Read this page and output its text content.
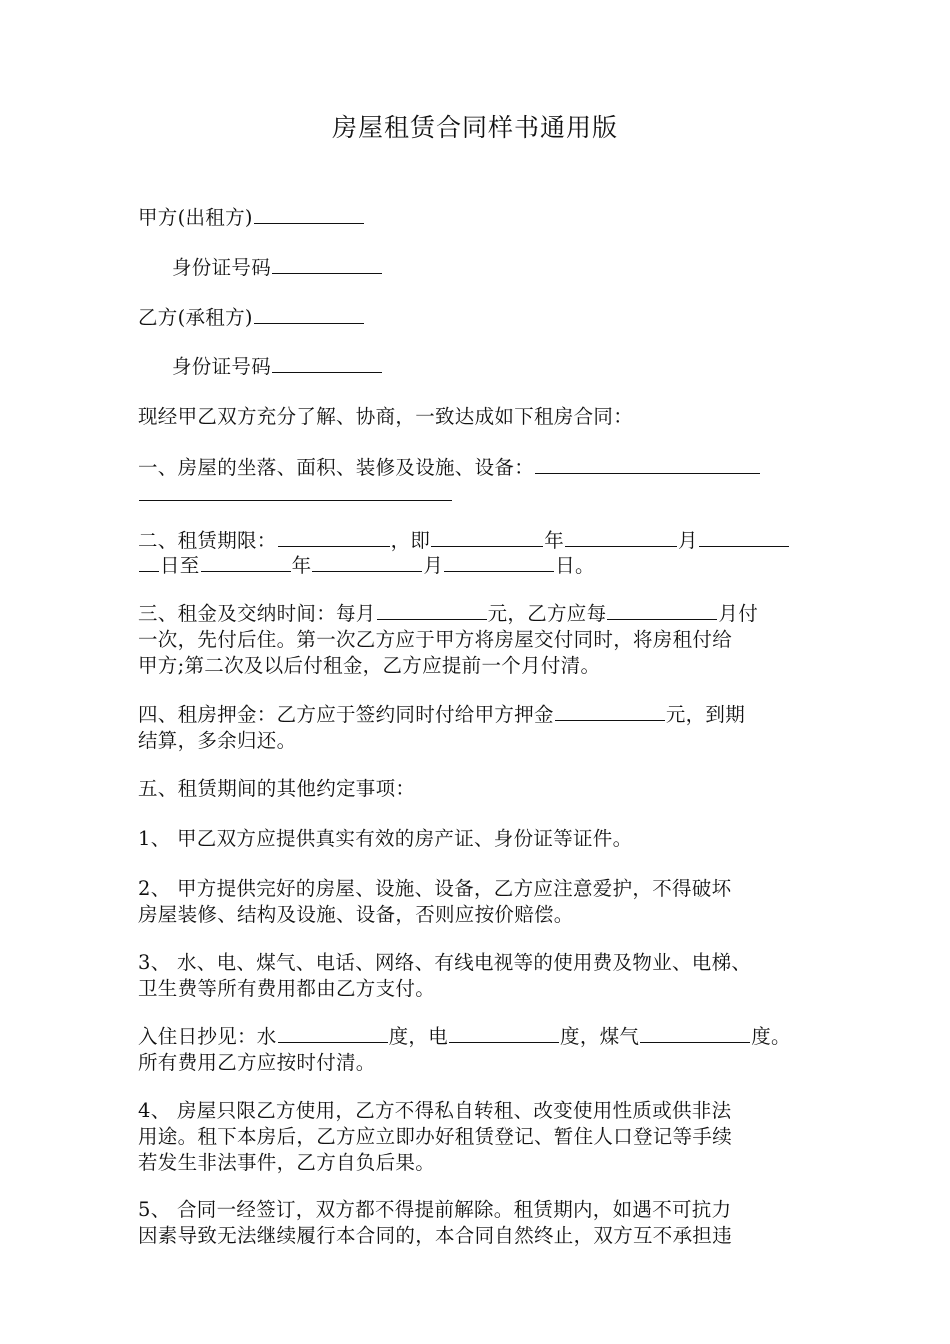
房屋租赁合同样书通用版
甲方(出租方)
身份证号码
乙方(承租方)
身份证号码
现经甲乙双方充分了解、协商，一致达成如下租房合同：
一、房屋的坐落、面积、装修及设施、设备：
二、租赁期限：	，即	年	月
日至	年	月	日。
三、租金及交纳时间：每月	元，乙方应每	月付
一次，先付后住。第一次乙方应于甲方将房屋交付同时，将房租付给
甲方;第二次及以后付租金，乙方应提前一个月付清。
四、租房押金：乙方应于签约同时付给甲方押金	元，到期
结算，多余归还。
五、租赁期间的其他约定事项：
1、 甲乙双方应提供真实有效的房产证、身份证等证件。
2、 甲方提供完好的房屋、设施、设备，乙方应注意爱护，不得破坏
房屋装修、结构及设施、设备，否则应按价赔偿。
3、 水、电、煤气、电话、网络、有线电视等的使用费及物业、电梯、
卫生费等所有费用都由乙方支付。
入住日抄见：水	度，电	度，煤气	度。
所有费用乙方应按时付清。
4、 房屋只限乙方使用，乙方不得私自转租、改变使用性质或供非法
用途。租下本房后，乙方应立即办好租赁登记、暂住人口登记等手续
若发生非法事件，乙方自负后果。
5、 合同一经签订，双方都不得提前解除。租赁期内，如遇不可抗力
因素导致无法继续履行本合同的，本合同自然终止，双方互不承担违
